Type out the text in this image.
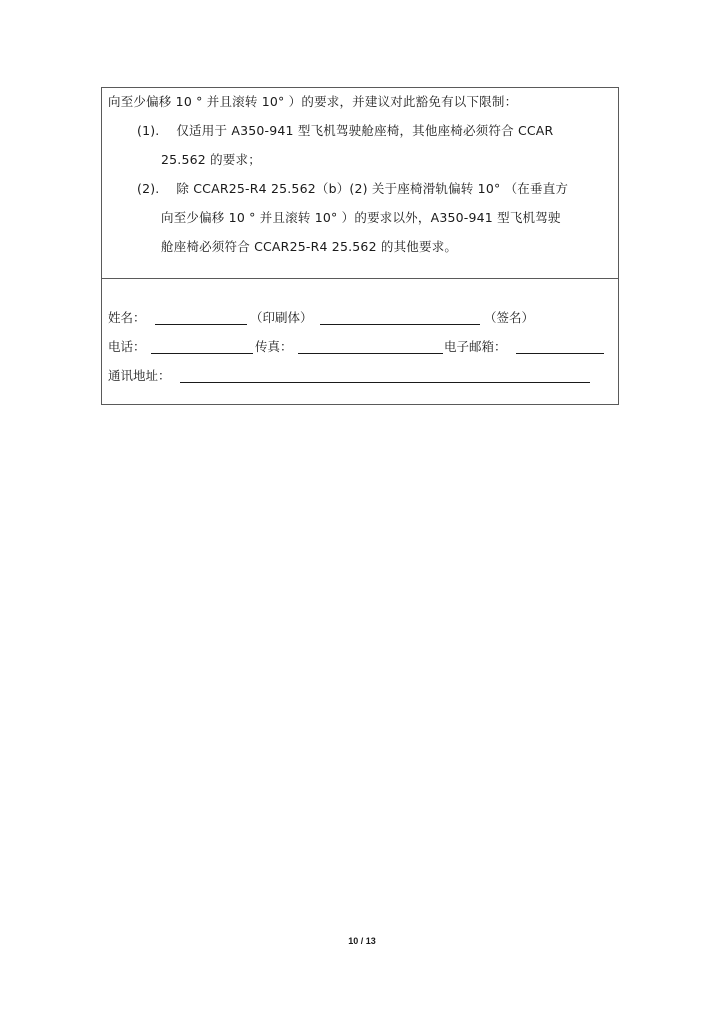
向至少偏移 10 ° 并且滚转 10° ）的要求，并建议对此豁免有以下限制：
(1).　 仅适用于 A350-941 型飞机驾驶舱座椅，其他座椅必须符合 CCAR
25.562 的要求；
(2).　 除 CCAR25-R4 25.562（b）(2) 关于座椅滑轨偏转 10° （在垂直方
向至少偏移 10 ° 并且滚转 10° ）的要求以外，A350-941 型飞机驾驶
舱座椅必须符合 CCAR25-R4 25.562 的其他要求。
姓名：	（印刷体）	（签名）
电话：	传真：	电子邮箱：
通讯地址：
10 / 13
